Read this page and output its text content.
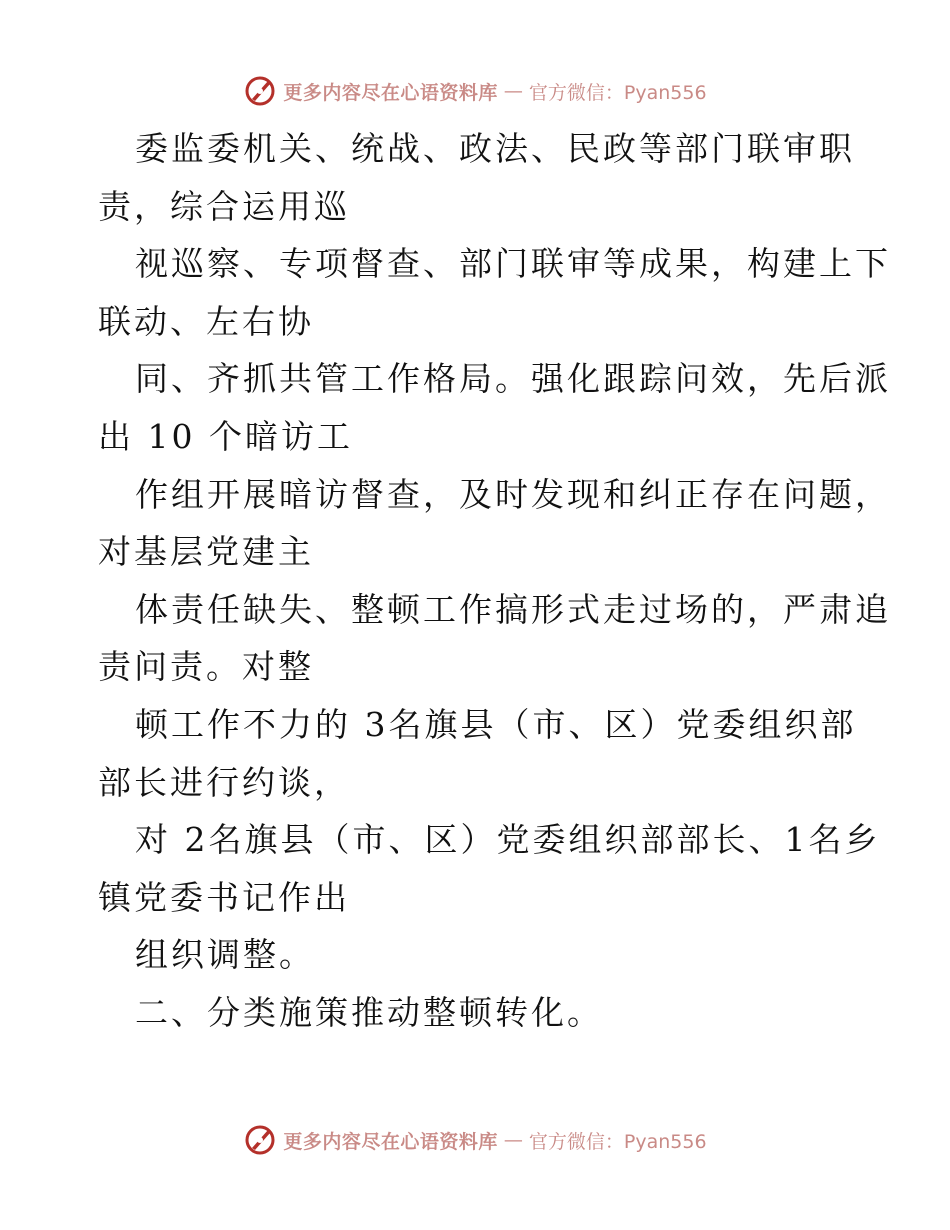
更多内容尽在心语资料库 — 官方微信：Pyan556
委监委机关、统战、政法、民政等部门联审职
责，综合运用巡
视巡察、专项督查、部门联审等成果，构建上下
联动、左右协
同、齐抓共管工作格局。强化跟踪问效，先后派
出 10 个暗访工
作组开展暗访督查，及时发现和纠正存在问题，
对基层党建主
体责任缺失、整顿工作搞形式走过场的，严肃追
责问责。对整
顿工作不力的 3名旗县（市、区）党委组织部
部长进行约谈，
对 2名旗县（市、区）党委组织部部长、1名乡
镇党委书记作出
组织调整。
二、分类施策推动整顿转化。
更多内容尽在心语资料库 — 官方微信：Pyan556
